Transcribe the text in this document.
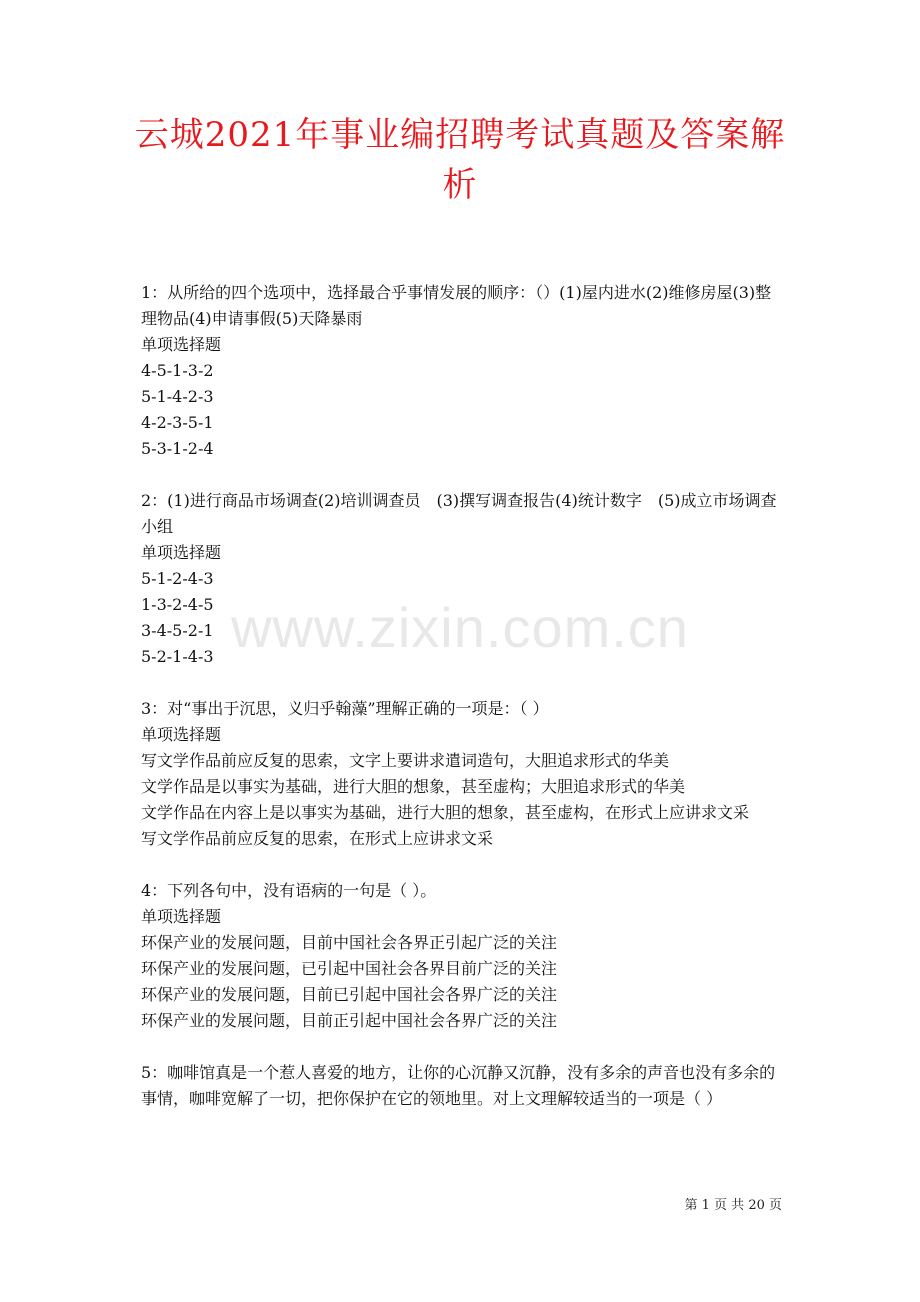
云城2021年事业编招聘考试真题及答案解析
www.zixin.com.cn

1：从所给的四个选项中，选择最合乎事情发展的顺序：（）(1)屋内进水(2)维修房屋(3)整理物品(4)申请事假(5)天降暴雨

单项选择题

4-5-1-3-2

5-1-4-2-3

4-2-3-5-1

5-3-1-2-4

2：(1)进行商品市场调查(2)培训调查员　(3)撰写调查报告(4)统计数字　(5)成立市场调查小组

单项选择题

5-1-2-4-3

1-3-2-4-5

3-4-5-2-1

5-2-1-4-3

3：对“事出于沉思，义归乎翰藻”理解正确的一项是：（ ）

单项选择题

写文学作品前应反复的思索，文字上要讲求遣词造句，大胆追求形式的华美

文学作品是以事实为基础，进行大胆的想象，甚至虚构；大胆追求形式的华美

文学作品在内容上是以事实为基础，进行大胆的想象，甚至虚构，在形式上应讲求文采

写文学作品前应反复的思索，在形式上应讲求文采

4：下列各句中，没有语病的一句是（ ）。

单项选择题

环保产业的发展问题，目前中国社会各界正引起广泛的关注

环保产业的发展问题，已引起中国社会各界目前广泛的关注

环保产业的发展问题，目前已引起中国社会各界广泛的关注

环保产业的发展问题，目前正引起中国社会各界广泛的关注

5：咖啡馆真是一个惹人喜爱的地方，让你的心沉静又沉静，没有多余的声音也没有多余的事情，咖啡宽解了一切，把你保护在它的领地里。对上文理解较适当的一项是（ ）

第 1 页 共 20 页
